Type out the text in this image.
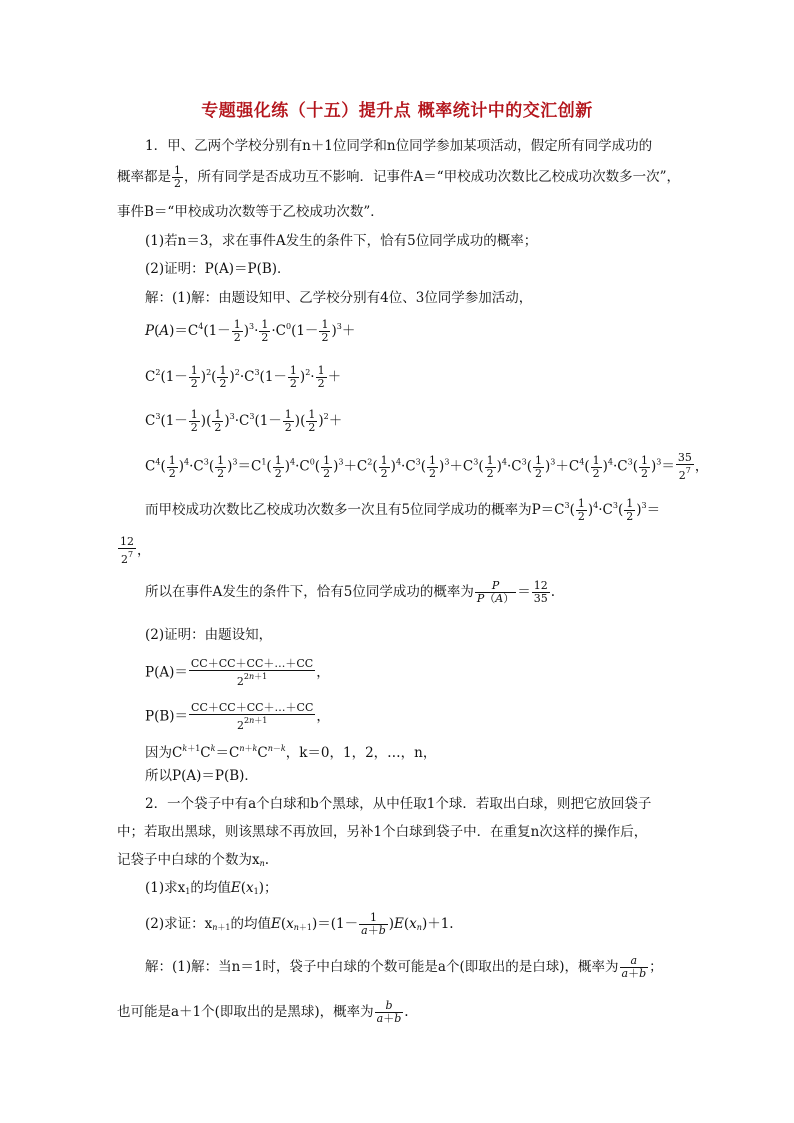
专题强化练（十五）提升点 概率统计中的交汇创新
1．甲、乙两个学校分别有n＋1位同学和n位同学参加某项活动，假定所有同学成功的
概率都是 $\frac{1}{2}$ ，所有同学是否成功互不影响．记事件A＝“甲校成功次数比乙校成功次数多一次”，
事件B＝“甲校成功次数等于乙校成功次数”．
(1)若n＝3，求在事件A发生的条件下，恰有5位同学成功的概率；
(2)证明：P(A)＝P(B)．
解：(1)解：由题设知甲、乙学校分别有4位、3位同学参加活动，
$P(A)=C^4(1- \frac{1}{2} )^3\cdot \frac{1}{2} \cdot C^0(1- \frac{1}{2} )^3+$
$C^2(1- \frac{1}{2} )^2( \frac{1}{2} )^2\cdot C^3(1- \frac{1}{2} )^2\cdot \frac{1}{2}$ ＋
$C^3(1- \frac{1}{2}$ )( $\frac{1}{2} )^3\cdot C^3(1- \frac{1}{2}$ )( $\frac{1}{2} )^2+$
$C^4( \frac{1}{2} )^4\cdot C^3( \frac{1}{2} )^3=C^1( \frac{1}{2} )^4\cdot C^0( \frac{1}{2} )^3+C^2( \frac{1}{2} )^4\cdot C^3( \frac{1}{2} )^3+C^3( \frac{1}{2} )^4\cdot C^3( \frac{1}{2} )^3+C^4( \frac{1}{2} )^4\cdot C^3( \frac{1}{2} )^3= \frac{35}{2^7}$ ，
而甲校成功次数比乙校成功次数多一次且有5位同学成功的概率为$P=C^3( \frac{1}{2} )^4\cdot C^3( \frac{1}{2} )^3=$
$\frac{12}{2^7}$ ，
所以在事件A发生的条件下，恰有5位同学成功的概率为 $\frac{P}{P(A)} = \frac{12}{35}$ .
(2)证明：由题设知，
$P(A)= \frac{CC+CC+CC+\dots+CC}{2^{2n+1}}$ ，
$P(B)= \frac{CC+CC+CC+\dots+CC}{2^{2n+1}}$ ，
因为$C^{k+1}C^k=C^{n+k}C^{n-k}$，k＝0，1，2，…，n，
所以P(A)＝P(B)．
2．一个袋子中有a个白球和b个黑球，从中任取1个球．若取出白球，则把它放回袋子
中；若取出黑球，则该黑球不再放回，另补1个白球到袋子中．在重复n次这样的操作后，
记袋子中白球的个数为$x_n$.
(1)求$x_1$的均值$E(x_1)$；
(2)求证：$x_{n+1}$的均值$E(x_{n+1})=(1- \frac{1}{a+b} )E(x_n)+1$.
解：(1)解：当n＝1时，袋子中白球的个数可能是a个(即取出的是白球)，概率为 $\frac{a}{a+b}$ ；
也可能是a＋1个(即取出的是黑球)，概率为 $\frac{b}{a+b}$ .
